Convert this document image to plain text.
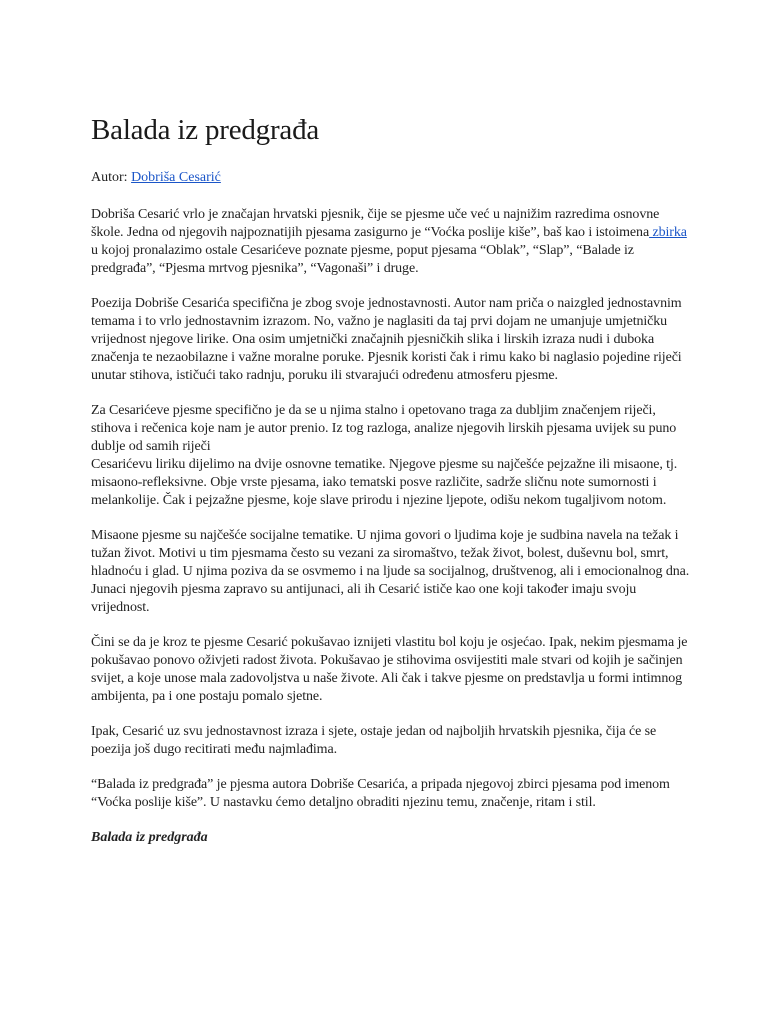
Balada iz predgrađa
Autor: Dobriša Cesarić

Dobriša Cesarić vrlo je značajan hrvatski pjesnik, čije se pjesme uče već u najnižim razredima osnovne škole. Jedna od njegovih najpoznatijih pjesama zasigurno je “Voćka poslije kiše”, baš kao i istoimena zbirka u kojoj pronalazimo ostale Cesarićeve poznate pjesme, poput pjesama “Oblak”, “Slap”, “Balade iz predgrađa”, “Pjesma mrtvog pjesnika”, “Vagonaši” i druge.

Poezija Dobriše Cesarića specifična je zbog svoje jednostavnosti. Autor nam priča o naizgled jednostavnim temama i to vrlo jednostavnim izrazom. No, važno je naglasiti da taj prvi dojam ne umanjuje umjetničku vrijednost njegove lirike. Ona osim umjetnički značajnih pjesničkih slika i lirskih izraza nudi i duboka značenja te nezaobilazne i važne moralne poruke. Pjesnik koristi čak i rimu kako bi naglasio pojedine riječi unutar stihova, ističući tako radnju, poruku ili stvarajući određenu atmosferu pjesme.

Za Cesarićeve pjesme specifično je da se u njima stalno i opetovano traga za dubljim značenjem riječi, stihova i rečenica koje nam je autor prenio. Iz tog razloga, analize njegovih lirskih pjesama uvijek su puno dublje od samih riječi
Cesarićevu liriku dijelimo na dvije osnovne tematike. Njegove pjesme su najčešće pejzažne ili misaone, tj. misaono-refleksivne. Obje vrste pjesama, iako tematski posve različite, sadrže sličnu note sumornosti i melankolije. Čak i pejzažne pjesme, koje slave prirodu i njezine ljepote, odišu nekom tugaljivom notom.

Misaone pjesme su najčešće socijalne tematike. U njima govori o ljudima koje je sudbina navela na težak i tužan život. Motivi u tim pjesmama često su vezani za siromaštvo, težak život, bolest, duševnu bol, smrt, hladnoću i glad. U njima poziva da se osvmemo i na ljude sa socijalnog, društvenog, ali i emocionalnog dna. Junaci njegovih pjesma zapravo su antijunaci, ali ih Cesarić ističe kao one koji također imaju svoju vrijednost.

Čini se da je kroz te pjesme Cesarić pokušavao iznijeti vlastitu bol koju je osjećao. Ipak, nekim pjesmama je pokušavao ponovo oživjeti radost života. Pokušavao je stihovima osvijestiti male stvari od kojih je sačinjen svijet, a koje unose mala zadovoljstva u naše živote. Ali čak i takve pjesme on predstavlja u formi intimnog ambijenta, pa i one postaju pomalo sjetne.

Ipak, Cesarić uz svu jednostavnost izraza i sjete, ostaje jedan od najboljih hrvatskih pjesnika, čija će se poezija još dugo recitirati među najmlađima.

“Balada iz predgrađa” je pjesma autora Dobriše Cesarića, a pripada njegovoj zbirci pjesama pod imenom “Voćka poslije kiše”. U nastavku ćemo detaljno obraditi njezinu temu, značenje, ritam i stil.

Balada iz predgrađa
